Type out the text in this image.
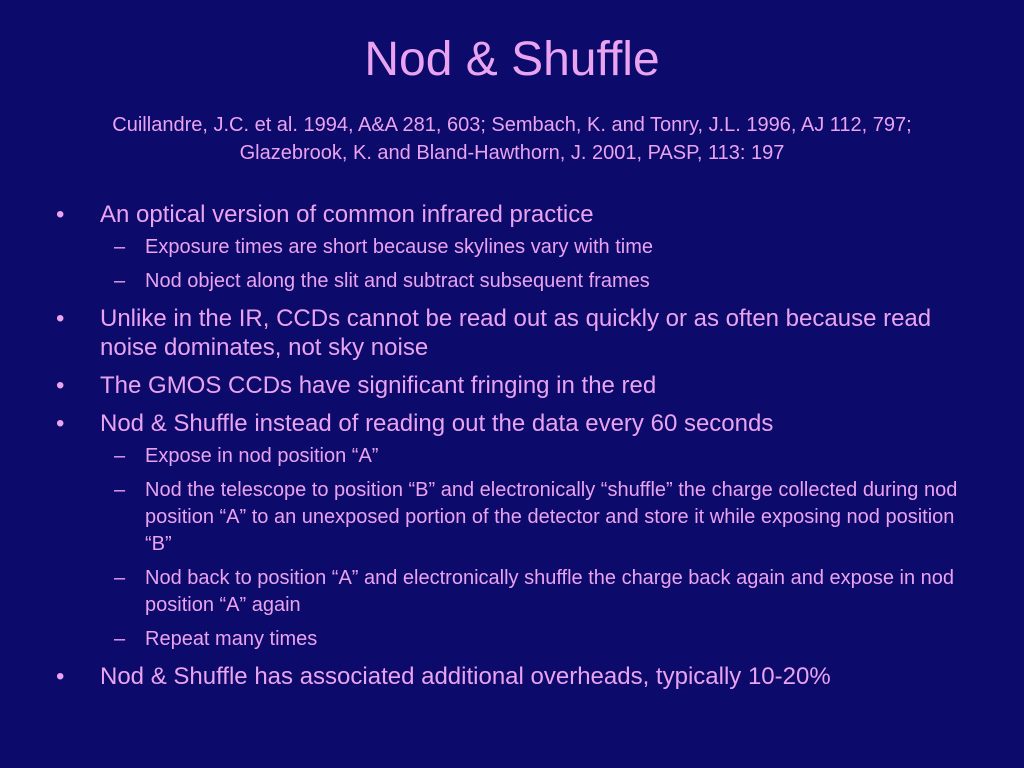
Nod & Shuffle
Cuillandre, J.C. et al. 1994, A&A 281, 603; Sembach, K. and Tonry, J.L. 1996, AJ 112, 797;
Glazebrook, K. and Bland-Hawthorn, J. 2001, PASP, 113: 197
•	An optical version of common infrared practice
– Exposure times are short because skylines vary with time
– Nod object along the slit and subtract subsequent frames
•	Unlike in the IR, CCDs cannot be read out as quickly or as often because read noise dominates, not sky noise
•	The GMOS CCDs have significant fringing in the red
•	Nod & Shuffle instead of reading out the data every 60 seconds
– Expose in nod position “A”
– Nod the telescope to position “B” and electronically “shuffle” the charge collected during nod position “A” to an unexposed portion of the detector and store it while exposing nod position “B”
– Nod back to position “A” and electronically shuffle the charge back again and expose in nod position “A” again
– Repeat many times
•	Nod & Shuffle has associated additional overheads, typically 10-20%
